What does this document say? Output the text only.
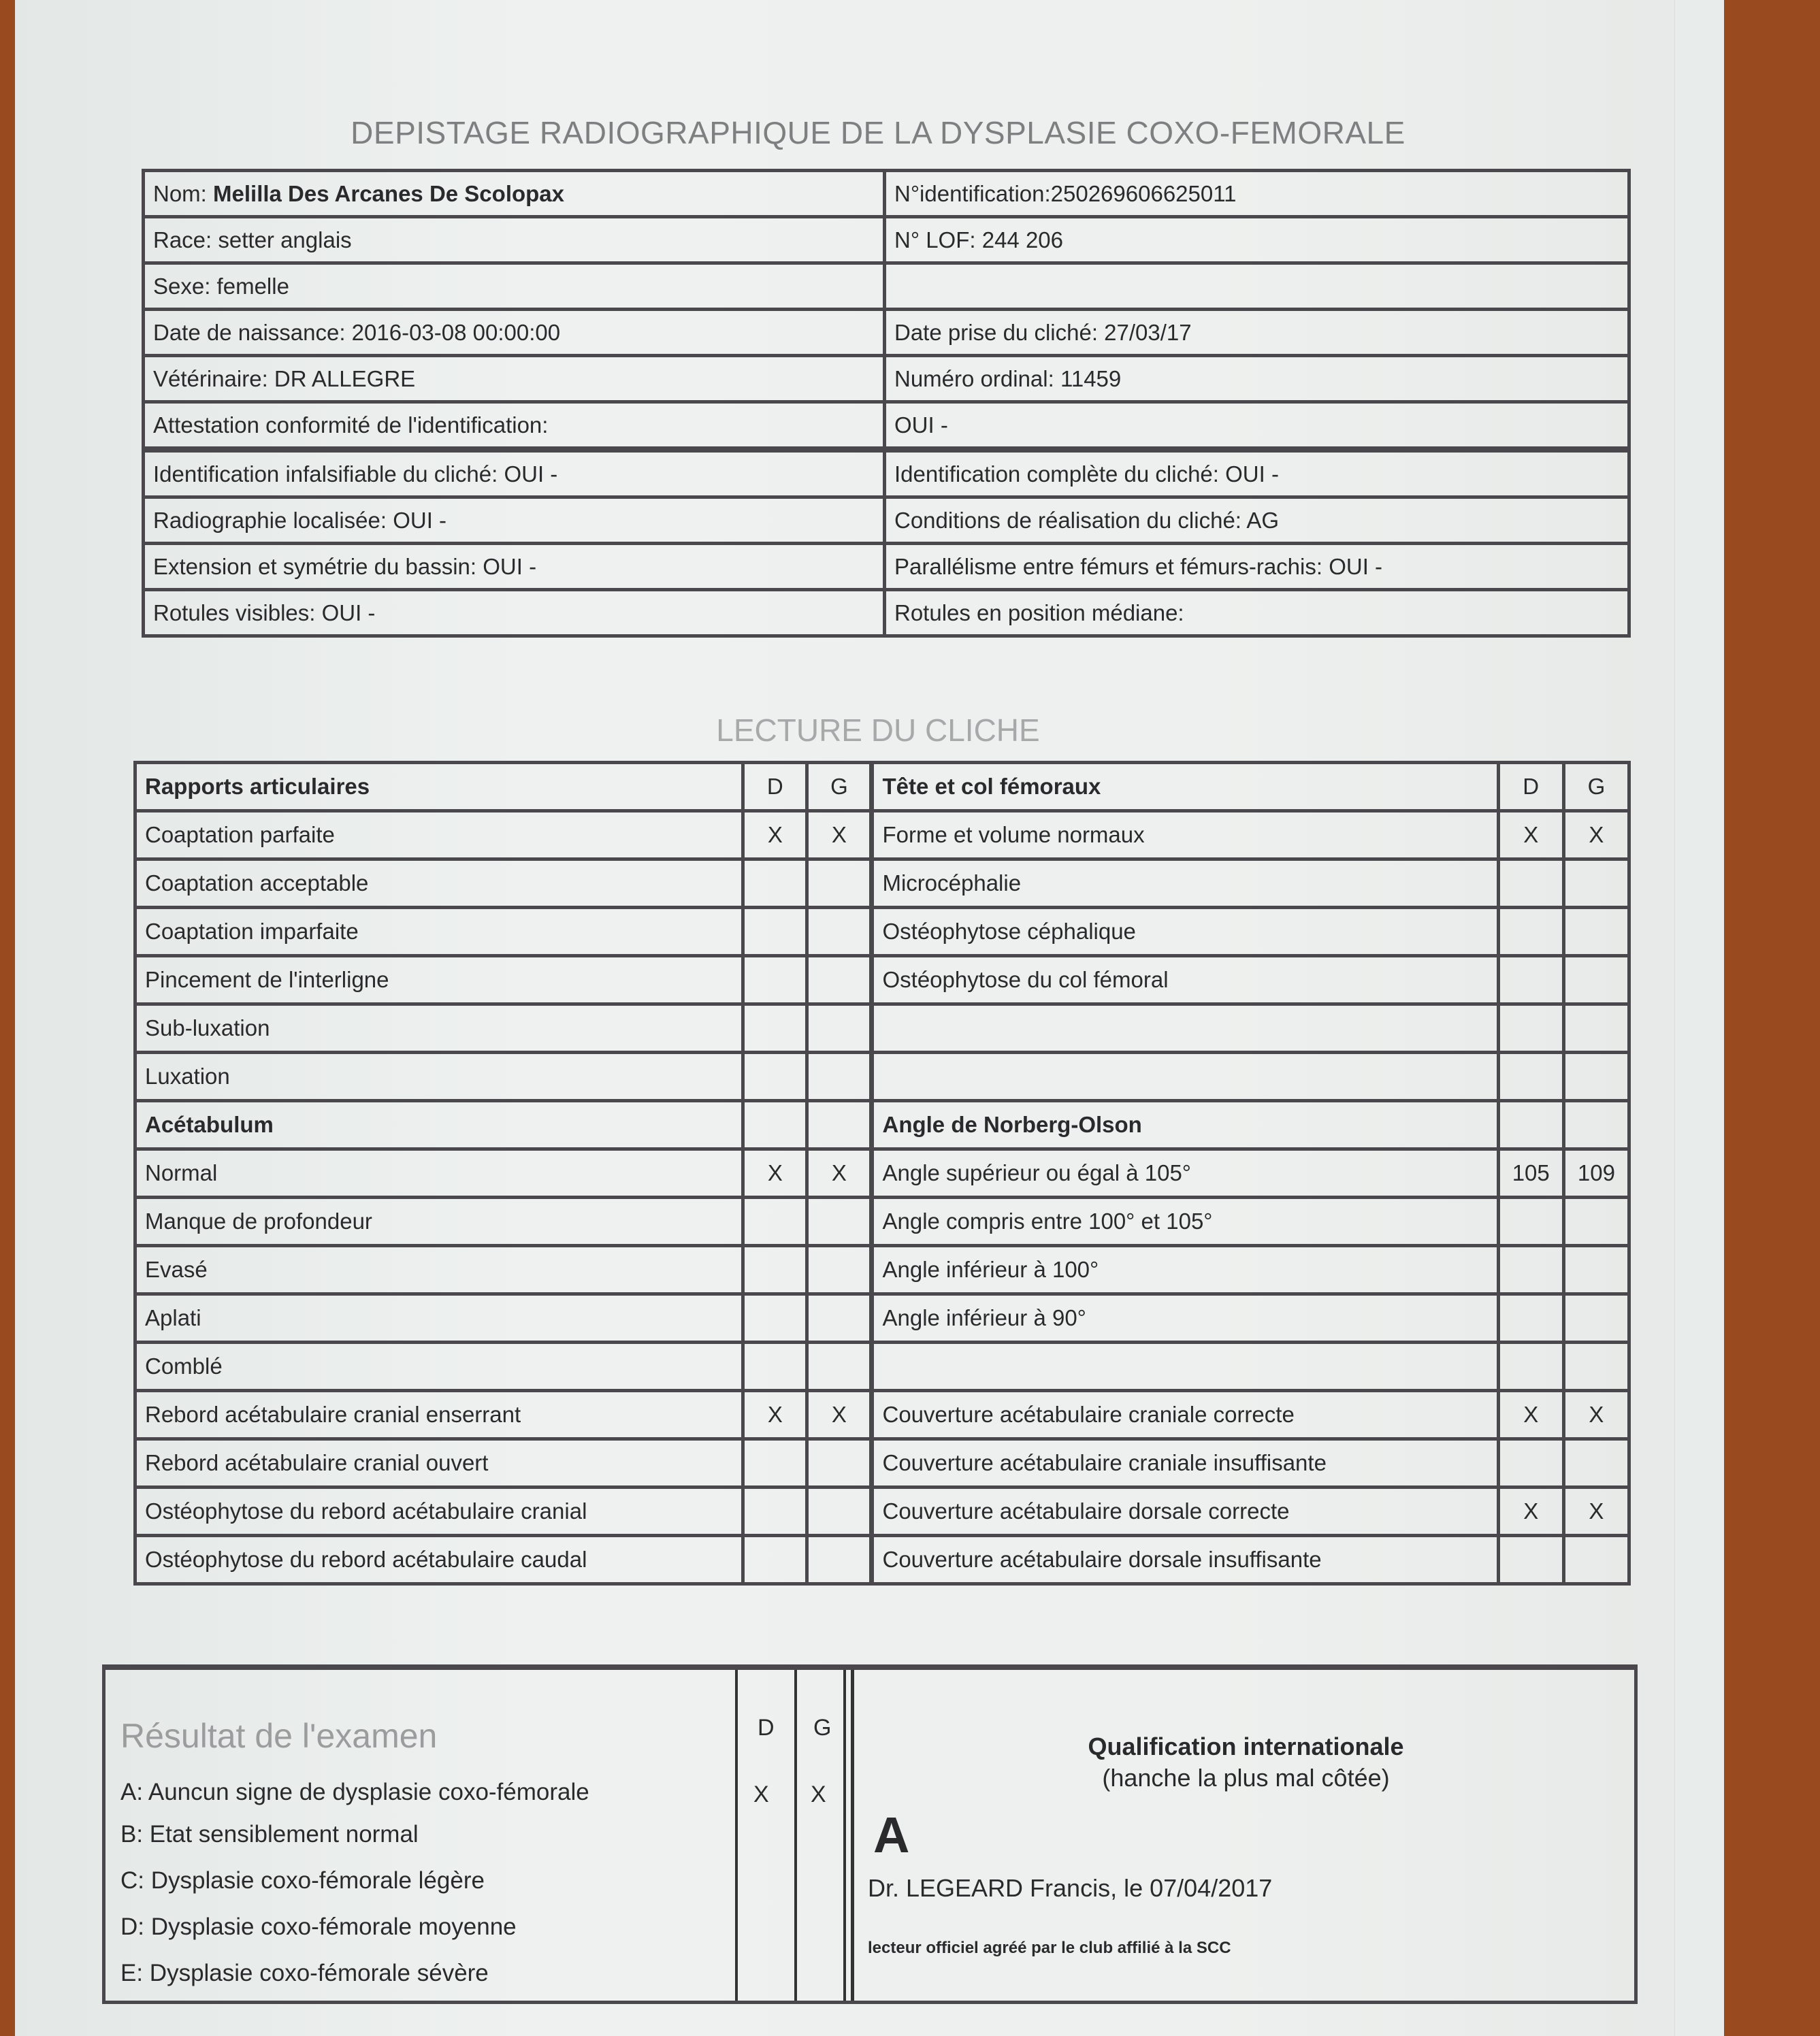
DEPISTAGE RADIOGRAPHIQUE DE LA DYSPLASIE COXO-FEMORALE
Nom: Melilla Des Arcanes De Scolopax	N°identification:250269606625011
Race: setter anglais	N° LOF: 244 206
Sexe: femelle	
Date de naissance: 2016-03-08 00:00:00	Date prise du cliché: 27/03/17
Vétérinaire: DR ALLEGRE	Numéro ordinal: 11459
Attestation conformité de l'identification:	OUI -
Identification infalsifiable du cliché: OUI -	Identification complète du cliché: OUI -
Radiographie localisée: OUI -	Conditions de réalisation du cliché: AG
Extension et symétrie du bassin: OUI -	Parallélisme entre fémurs et fémurs-rachis: OUI -
Rotules visibles: OUI -	Rotules en position médiane:
LECTURE DU CLICHE
Rapports articulaires	D	G	Tête et col fémoraux	D	G
Coaptation parfaite	X	X	Forme et volume normaux	X	X
Coaptation acceptable			Microcéphalie		
Coaptation imparfaite			Ostéophytose céphalique		
Pincement de l'interligne			Ostéophytose du col fémoral		
Sub-luxation					
Luxation					
Acétabulum			Angle de Norberg-Olson		
Normal	X	X	Angle supérieur ou égal à 105°	105	109
Manque de profondeur			Angle compris entre 100° et 105°		
Evasé			Angle inférieur à 100°		
Aplati			Angle inférieur à 90°		
Comblé					
Rebord acétabulaire cranial enserrant	X	X	Couverture acétabulaire craniale correcte	X	X
Rebord acétabulaire cranial ouvert			Couverture acétabulaire craniale insuffisante		
Ostéophytose du rebord acétabulaire cranial			Couverture acétabulaire dorsale correcte	X	X
Ostéophytose du rebord acétabulaire caudal			Couverture acétabulaire dorsale insuffisante		
Résultat de l'examen	D G
A: Auncun signe de dysplasie coxo-fémorale	X X
B: Etat sensiblement normal
C: Dysplasie coxo-fémorale légère
D: Dysplasie coxo-fémorale moyenne
E: Dysplasie coxo-fémorale sévère
Qualification internationale
(hanche la plus mal côtée)
A
Dr. LEGEARD Francis, le 07/04/2017
lecteur officiel agréé par le club affilié à la SCC
